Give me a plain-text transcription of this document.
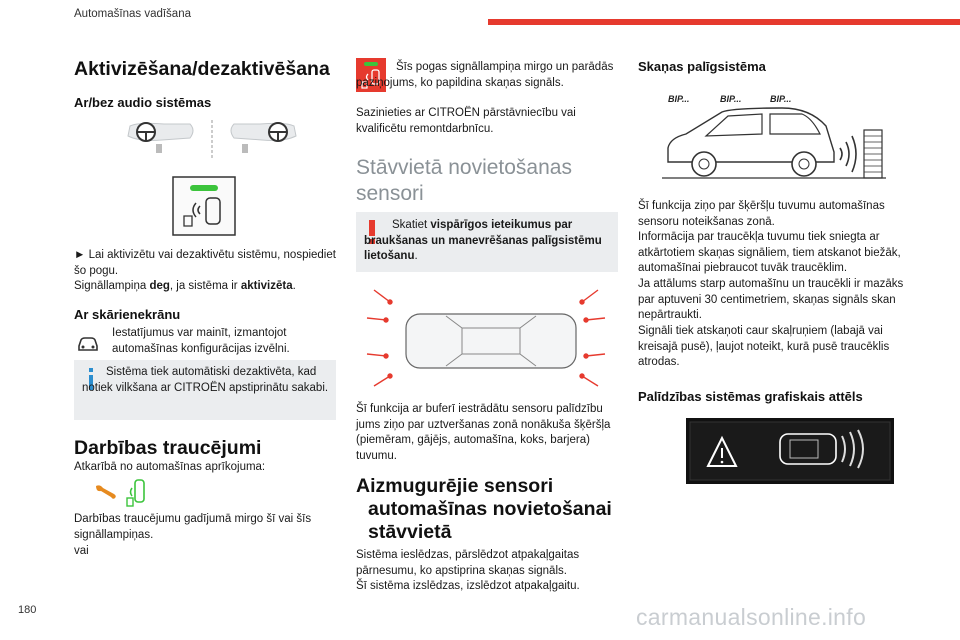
Automašīnas vadīšana
Aktivizēšana/dezaktivēšana
Ar/bez audio sistēmas
► Lai aktivizētu vai dezaktivētu sistēmu, nospiediet šo pogu.
Signāllampiņa deg, ja sistēma ir aktivizēta.
Ar skārienekrānu
Iestatījumus var mainīt, izmantojot automašīnas konfigurācijas izvēlni.
Sistēma tiek automātiski dezaktivēta, kad notiek vilkšana ar CITROËN apstiprinātu sakabi.
Darbības traucējumi
Atkarībā no automašīnas aprīkojuma:
Darbības traucējumu gadījumā mirgo šī vai šīs signāllampiņas.
vai
Šīs pogas signāllampiņa mirgo un parādās paziņojums, ko papildina skaņas signāls.
Sazinieties ar CITROËN pārstāvniecību vai kvalificētu remontdarbnīcu.
Stāvvietā novietošanas
sensori
Skatiet vispārīgos ieteikumus par braukšanas un manevrēšanas palīgsistēmu lietošanu.
Šī funkcija ar buferī iestrādātu sensoru palīdzību jums ziņo par uztveršanas zonā nonākuša šķēršļa (piemēram, gājējs, automašīna, koks, barjera) tuvumu.
Aizmugurējie sensori
automašīnas novietošanai
stāvvietā
Sistēma ieslēdzas, pārslēdzot atpakaļgaitas pārnesumu, ko apstiprina skaņas signāls.
Šī sistēma izslēdzas, izslēdzot atpakaļgaitu.
Skaņas palīgsistēma
BIP...	BIP...	BIP...
Šī funkcija ziņo par šķēršļu tuvumu automašīnas sensoru noteikšanas zonā.
Informācija par traucēkļa tuvumu tiek sniegta ar atkārtotiem skaņas signāliem, tiem atskanot biežāk, automašīnai piebraucot tuvāk traucēklim.
Ja attālums starp automašīnu un traucēkli ir mazāks par aptuveni 30 centimetriem, skaņas signāls skan nepārtraukti.
Signāli tiek atskaņoti caur skaļruņiem (labajā vai kreisajā pusē), ļaujot noteikt, kurā pusē traucēklis atrodas.
Palīdzības sistēmas grafiskais attēls
180	carmanualsonline.info
